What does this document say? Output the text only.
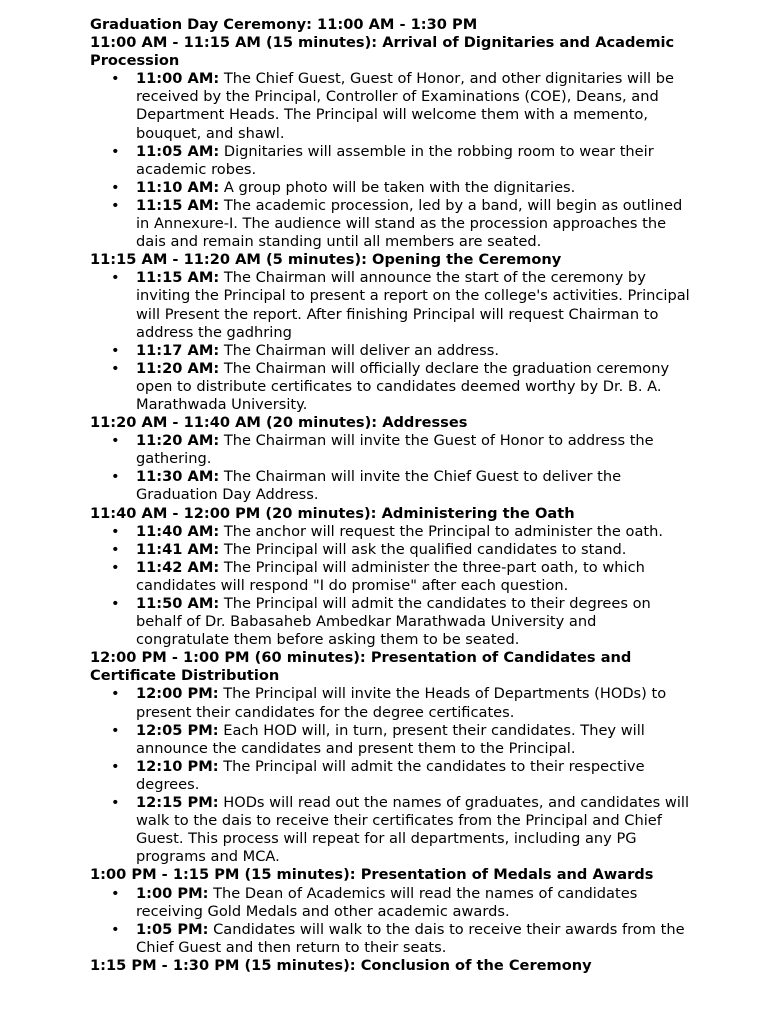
Graduation Day Ceremony: 11:00 AM - 1:30 PM
11:00 AM - 11:15 AM (15 minutes): Arrival of Dignitaries and Academic Procession
• 11:00 AM: The Chief Guest, Guest of Honor, and other dignitaries will be received by the Principal, Controller of Examinations (COE), Deans, and Department Heads. The Principal will welcome them with a memento, bouquet, and shawl.
• 11:05 AM: Dignitaries will assemble in the robbing room to wear their academic robes.
• 11:10 AM: A group photo will be taken with the dignitaries.
• 11:15 AM: The academic procession, led by a band, will begin as outlined in Annexure-I. The audience will stand as the procession approaches the dais and remain standing until all members are seated.
11:15 AM - 11:20 AM (5 minutes): Opening the Ceremony
• 11:15 AM: The Chairman will announce the start of the ceremony by inviting the Principal to present a report on the college's activities. Principal will Present the report. After finishing Principal will request Chairman to address the gadhring
• 11:17 AM: The Chairman will deliver an address.
• 11:20 AM: The Chairman will officially declare the graduation ceremony open to distribute certificates to candidates deemed worthy by Dr. B. A. Marathwada University.
11:20 AM - 11:40 AM (20 minutes): Addresses
• 11:20 AM: The Chairman will invite the Guest of Honor to address the gathering.
• 11:30 AM: The Chairman will invite the Chief Guest to deliver the Graduation Day Address.
11:40 AM - 12:00 PM (20 minutes): Administering the Oath
• 11:40 AM: The anchor will request the Principal to administer the oath.
• 11:41 AM: The Principal will ask the qualified candidates to stand.
• 11:42 AM: The Principal will administer the three-part oath, to which candidates will respond "I do promise" after each question.
• 11:50 AM: The Principal will admit the candidates to their degrees on behalf of Dr. Babasaheb Ambedkar Marathwada University and congratulate them before asking them to be seated.
12:00 PM - 1:00 PM (60 minutes): Presentation of Candidates and Certificate Distribution
• 12:00 PM: The Principal will invite the Heads of Departments (HODs) to present their candidates for the degree certificates.
• 12:05 PM: Each HOD will, in turn, present their candidates. They will announce the candidates and present them to the Principal.
• 12:10 PM: The Principal will admit the candidates to their respective degrees.
• 12:15 PM: HODs will read out the names of graduates, and candidates will walk to the dais to receive their certificates from the Principal and Chief Guest. This process will repeat for all departments, including any PG programs and MCA.
1:00 PM - 1:15 PM (15 minutes): Presentation of Medals and Awards
• 1:00 PM: The Dean of Academics will read the names of candidates receiving Gold Medals and other academic awards.
• 1:05 PM: Candidates will walk to the dais to receive their awards from the Chief Guest and then return to their seats.
1:15 PM - 1:30 PM (15 minutes): Conclusion of the Ceremony
